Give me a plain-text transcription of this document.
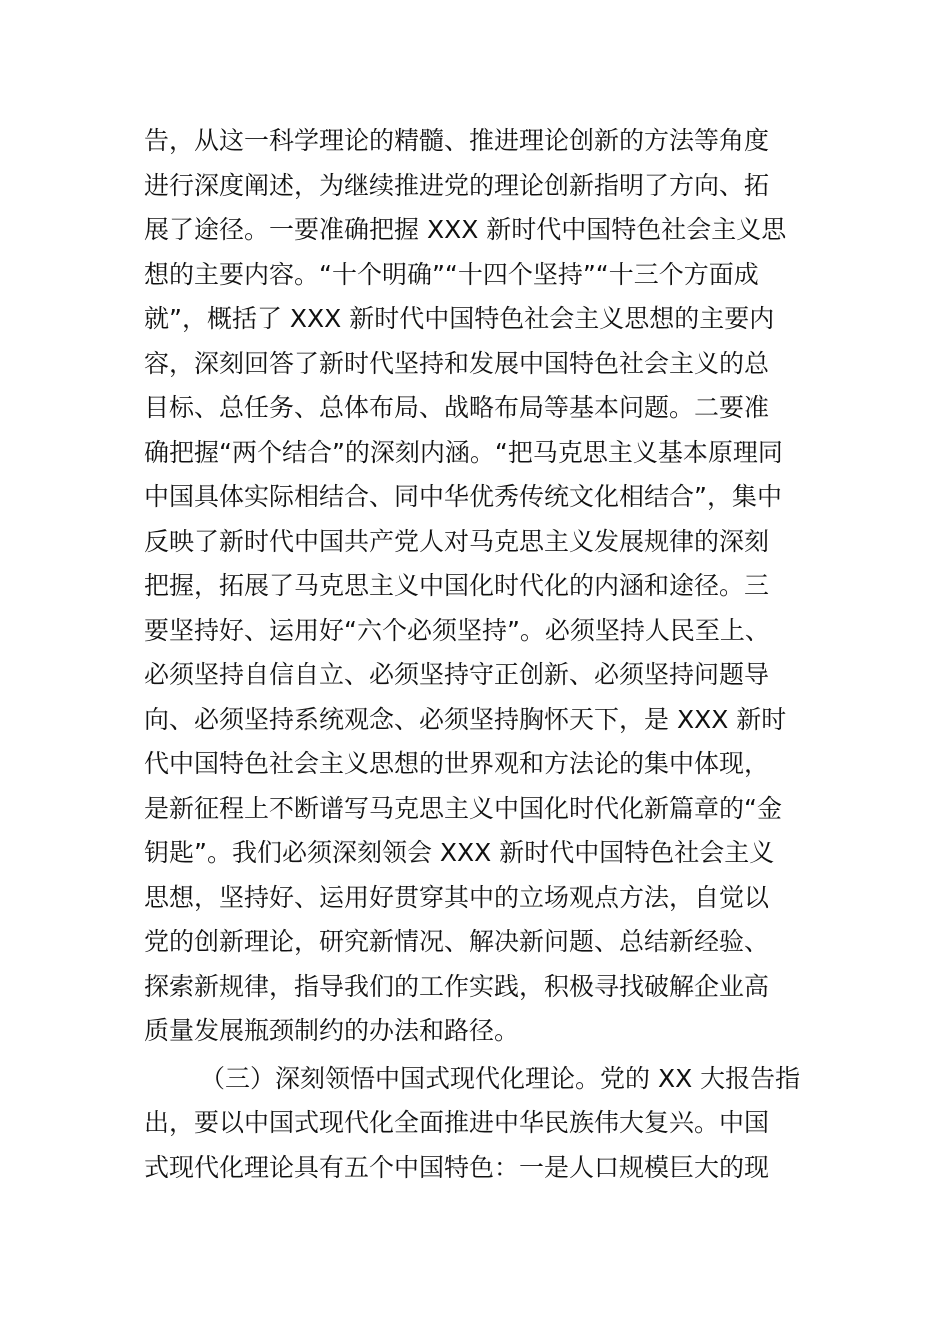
告，从这一科学理论的精髓、推进理论创新的方法等角度
进行深度阐述，为继续推进党的理论创新指明了方向、拓
展了途径。一要准确把握 XXX 新时代中国特色社会主义思
想的主要内容。“十个明确”“十四个坚持”“十三个方面成
就”，概括了 XXX 新时代中国特色社会主义思想的主要内
容，深刻回答了新时代坚持和发展中国特色社会主义的总
目标、总任务、总体布局、战略布局等基本问题。二要准
确把握“两个结合”的深刻内涵。“把马克思主义基本原理同
中国具体实际相结合、同中华优秀传统文化相结合”，集中
反映了新时代中国共产党人对马克思主义发展规律的深刻
把握，拓展了马克思主义中国化时代化的内涵和途径。三
要坚持好、运用好“六个必须坚持”。必须坚持人民至上、
必须坚持自信自立、必须坚持守正创新、必须坚持问题导
向、必须坚持系统观念、必须坚持胸怀天下，是 XXX 新时
代中国特色社会主义思想的世界观和方法论的集中体现，
是新征程上不断谱写马克思主义中国化时代化新篇章的“金
钥匙”。我们必须深刻领会 XXX 新时代中国特色社会主义
思想，坚持好、运用好贯穿其中的立场观点方法，自觉以
党的创新理论，研究新情况、解决新问题、总结新经验、
探索新规律，指导我们的工作实践，积极寻找破解企业高
质量发展瓶颈制约的办法和路径。
（三）深刻领悟中国式现代化理论。党的 XX 大报告指
出，要以中国式现代化全面推进中华民族伟大复兴。中国
式现代化理论具有五个中国特色：一是人口规模巨大的现
